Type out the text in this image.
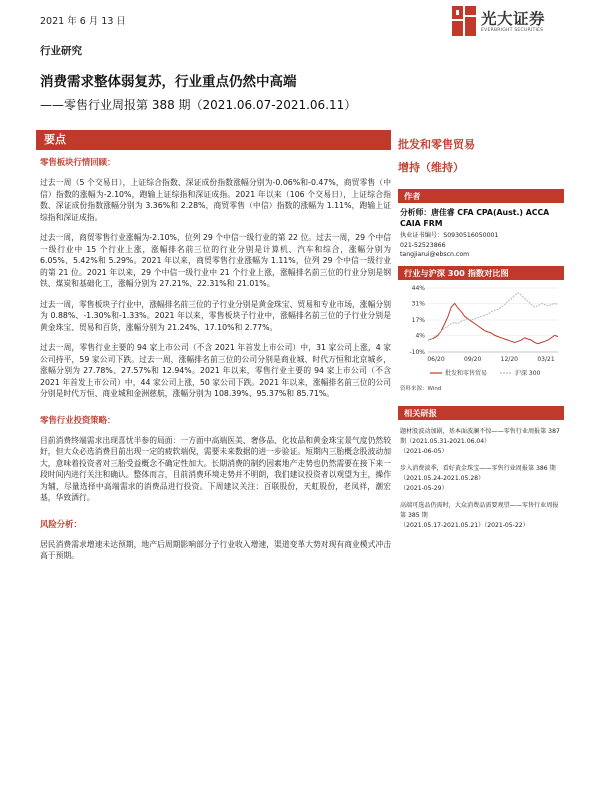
2021 年 6 月 13 日	光大证券
EVERBRIGHT SECURITIES
行业研究
消费需求整体弱复苏，行业重点仍然中高端
——零售行业周报第 388 期（2021.06.07-2021.06.11）
要点
零售板块行情回顾：

过去一周（5 个交易日），上证综合指数、深证成份指数涨幅分别为-0.06%和-0.47%，商贸零售（中信）指数的涨幅为-2.10%，跑输上证综指和深证成指。2021 年以来（106 个交易日），上证综合指数、深证成份指数涨幅分别为 3.36%和 2.28%，商贸零售（中信）指数的涨幅为 1.11%，跑输上证综指和深证成指。

过去一周，商贸零售行业涨幅为-2.10%，位列 29 个中信一级行业的第 22 位。过去一周，29 个中信一级行业中 15 个行业上涨，涨幅排名前三位的行业分别是计算机、汽车和综合，涨幅分别为 6.05%、5.42%和 5.29%。2021 年以来，商贸零售行业涨幅为 1.11%，位列 29 个中信一级行业的第 21 位。2021 年以来，29 个中信一级行业中 21 个行业上涨，涨幅排名前三位的行业分别是钢铁、煤炭和基础化工，涨幅分别为 27.21%、22.31%和 21.01%。

过去一周，零售板块子行业中，涨幅排名前三位的子行业分别是黄金珠宝、贸易和专业市场，涨幅分别为 0.88%、-1.30%和-1.33%。2021 年以来，零售板块子行业中，涨幅排名前三位的子行业分别是黄金珠宝、贸易和百货，涨幅分别为 21.24%、17.10%和 2.77%。

过去一周，零售行业主要的 94 家上市公司（不含 2021 年首发上市公司）中，31 家公司上涨，4 家公司持平，59 家公司下跌。过去一周，涨幅排名前三位的公司分别是商业城、时代万恒和北京城乡，涨幅分别为 27.78%、27.57%和 12.94%。2021 年以来，零售行业主要的 94 家上市公司（不含 2021 年首发上市公司）中，44 家公司上涨，50 家公司下跌。2021 年以来，涨幅排名前三位的公司分别是时代万恒、商业城和金洲慈航，涨幅分别为 108.39%、95.37%和 85.71%。

零售行业投资策略：

目前消费终端需求出现喜忧半参的局面：一方面中高端医美、奢侈品、化妆品和黄金珠宝景气度仍然较好，但大众必选消费目前出现一定的疲软端倪，需要未来数据的进一步验证。短期内三胎概念股波动加大，意味着投资者对三胎受益概念不确定性加大。长期消费的制约因素地产走势也仍然需要在接下来一段时间内进行关注和确认。整体而言，目前消费环境走势并不明朗，我们建议投资者以观望为主，操作为辅，尽量选择中高端需求的消费品进行投资。下周建议关注：百联股份，天虹股份，老凤祥，潮宏基，华致酒行。

风险分析：

居民消费需求增速未达预期，地产后周期影响部分子行业收入增速，渠道变革大势对现有商业模式冲击高于预期。

批发和零售贸易
增持（维持）
作者
分析师：唐佳睿 CFA CPA(Aust.) ACCA CAIA FRM
执业证书编号：S0930516050001
021-52523866
tangjiarui@ebscn.com
行业与沪深 300 指数对比图
44%
31%
17%
4%
-10%
06/20	09/20	12/20	03/21
批发和零售贸易	沪深 300
资料来源：Wind
相关研报
题材股波动加剧，基本面波澜不惊——零售行业周报第 387 期（2021.05.31-2021.06.04）
（2021-06-05）
步入消费淡季，看好黄金珠宝——零售行业周报第 386 期（2021.05.24-2021.05.28）
（2021-05-29）
高端可选品仍需时，大众消费品需要观望——零售行业周报第 385 期
（2021.05.17-2021.05.21）（2021-05-22）
